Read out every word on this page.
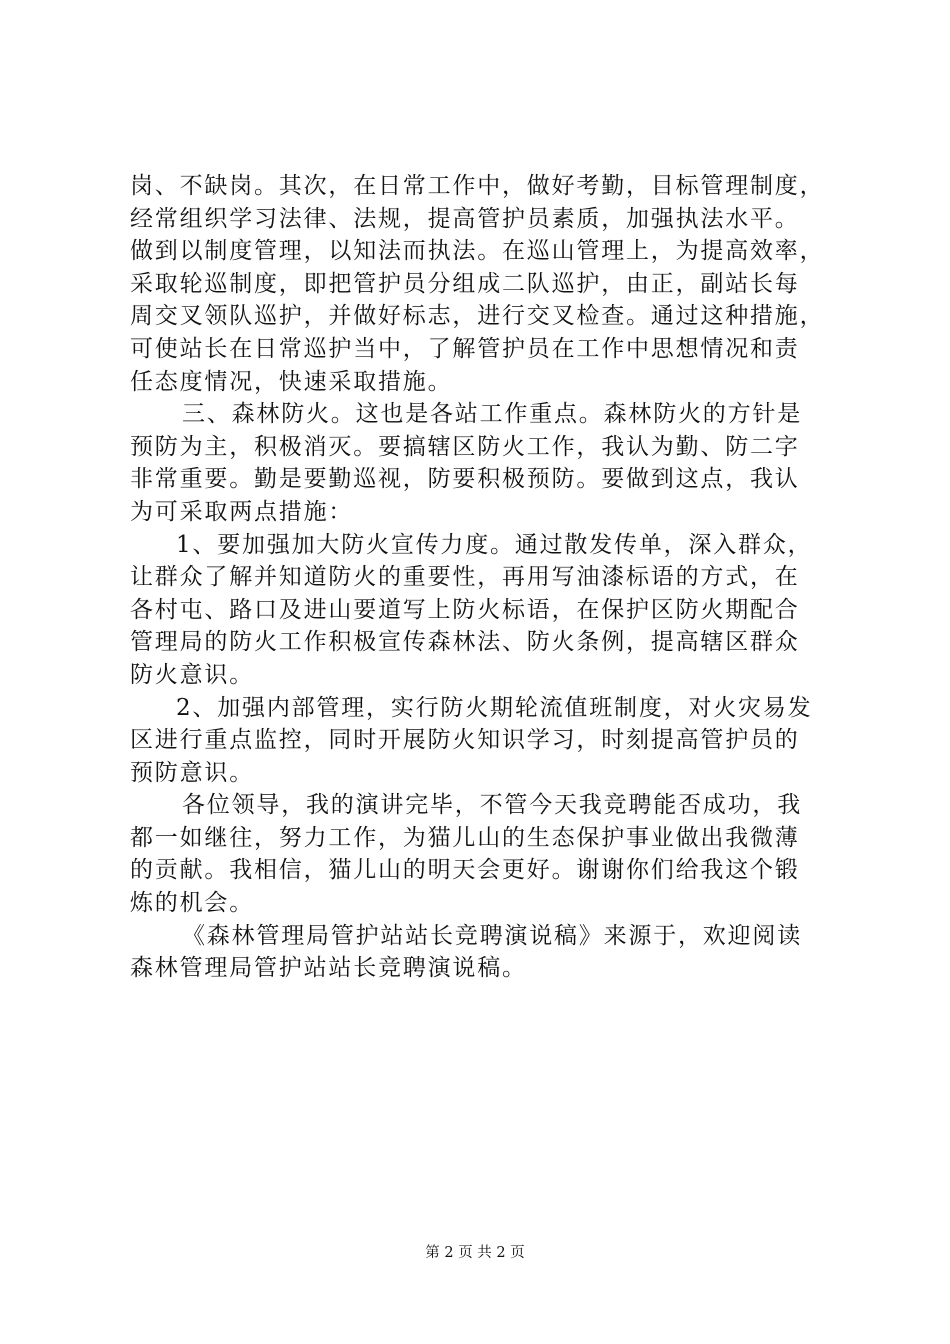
岗、不缺岗。其次，在日常工作中，做好考勤，目标管理制度，
经常组织学习法律、法规，提高管护员素质，加强执法水平。
做到以制度管理，以知法而执法。在巡山管理上，为提高效率，
采取轮巡制度，即把管护员分组成二队巡护，由正，副站长每
周交叉领队巡护，并做好标志，进行交叉检查。通过这种措施，
可使站长在日常巡护当中，了解管护员在工作中思想情况和责
任态度情况，快速采取措施。
三、森林防火。这也是各站工作重点。森林防火的方针是
预防为主，积极消灭。要搞辖区防火工作，我认为勤、防二字
非常重要。勤是要勤巡视，防要积极预防。要做到这点，我认
为可采取两点措施：
1、要加强加大防火宣传力度。通过散发传单，深入群众，
让群众了解并知道防火的重要性，再用写油漆标语的方式，在
各村屯、路口及进山要道写上防火标语，在保护区防火期配合
管理局的防火工作积极宣传森林法、防火条例，提高辖区群众
防火意识。
2、加强内部管理，实行防火期轮流值班制度，对火灾易发
区进行重点监控，同时开展防火知识学习，时刻提高管护员的
预防意识。
各位领导，我的演讲完毕，不管今天我竞聘能否成功，我
都一如继往，努力工作，为猫儿山的生态保护事业做出我微薄
的贡献。我相信，猫儿山的明天会更好。谢谢你们给我这个锻
炼的机会。
《森林管理局管护站站长竞聘演说稿》来源于，欢迎阅读
森林管理局管护站站长竞聘演说稿。
第 2 页 共 2 页
